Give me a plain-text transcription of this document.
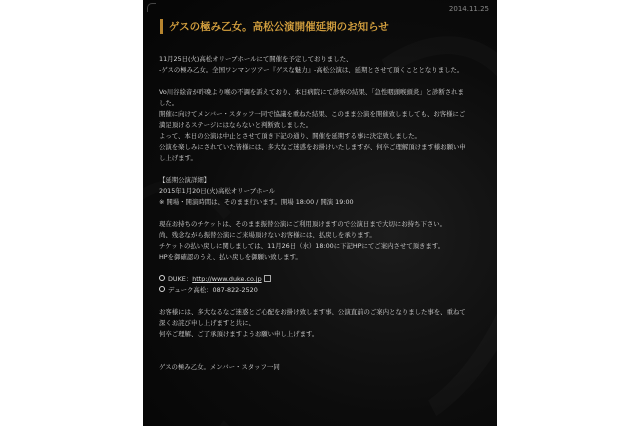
2014.11.25
ゲスの極み乙女。高松公演開催延期のお知らせ

11月25日(火)高松オリーブホールにて開催を予定しておりました、

-ゲスの極み乙女。全国ワンマンツアー『ゲスな魅力』-高松公演は、延期とさせて頂くこととなりました。

Vo川谷絵音が昨晩より喉の不調を訴えており、本日病院にて診察の結果、「急性咽頭喉頭炎」と診断されま

した。

開催に向けてメンバー・スタッフ一同で協議を重ねた結果、このまま公演を開催致しましても、お客様にご

満足頂けるステージにはならないと判断致しました。

よって、本日の公演は中止とさせて頂き下記の通り、開催を延期する事に決定致しました。

公演を楽しみにされていた皆様には、多大なご迷惑をお掛けいたしますが、何卒ご理解頂けます様お願い申

し上げます。

【延期公演詳細】

2015年1月20日(火)高松オリーブホール

※ 開場・開演時間は、そのまま行います。開場 18:00 / 開演 19:00

現在お持ちのチケットは、そのまま振替公演にご利用頂けますので公演日まで大切にお持ち下さい。

尚、残念ながら振替公演にご来場頂けないお客様には、払戻しを承ります。

チケットの払い戻しに関しましては、11月26日（水）18:00に下記HPにてご案内させて頂きます。

HPを御確認のうえ、払い戻しを御願い致します。

DUKE：http://www.duke.co.jp

デューク高松：087-822-2520

お客様には、多大なるなご迷惑とご心配をお掛け致します事、公演直前のご案内となりました事を、重ねて

深くお詫び申し上げますと共に、

何卒ご理解、ご了承頂けますようお願い申し上げます。

ゲスの極み乙女。メンバー・スタッフ一同
